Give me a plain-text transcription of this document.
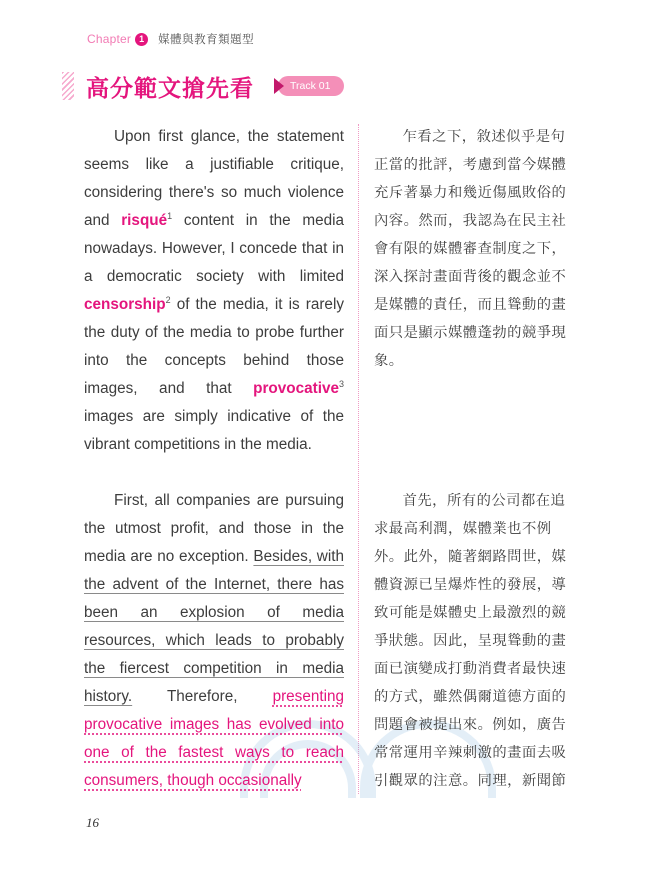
Chapter 1	媒體與教育類題型
高分範文搶先看	Track 01

Upon first glance, the statement seems like a justifiable critique, considering there's so much violence and risqué$^1$ content in the media nowadays. However, I concede that in a democratic society with limited censorship$^2$ of the media, it is rarely the duty of the media to probe further into the concepts behind those images, and that provocative$^3$ images are simply indicative of the vibrant competitions in the media.

乍看之下，敘述似乎是句正當的批評，考慮到當今媒體充斥著暴力和幾近傷風敗俗的內容。然而，我認為在民主社會有限的媒體審查制度之下，深入探討畫面背後的觀念並不是媒體的責任，而且聳動的畫面只是顯示媒體蓬勃的競爭現象。

First, all companies are pursuing the utmost profit, and those in the media are no exception. Besides, with the advent of the Internet, there has been an explosion of media resources, which leads to probably the fiercest competition in media history. Therefore, presenting provocative images has evolved into one of the fastest ways to reach consumers, though occasionally

首先，所有的公司都在追求最高利潤，媒體業也不例外。此外，隨著網路問世，媒體資源已呈爆炸性的發展，導致可能是媒體史上最激烈的競爭狀態。因此，呈現聳動的畫面已演變成打動消費者最快速的方式，雖然偶爾道德方面的問題會被提出來。例如，廣告常常運用辛辣刺激的畫面去吸引觀眾的注意。同理，新聞節

16
